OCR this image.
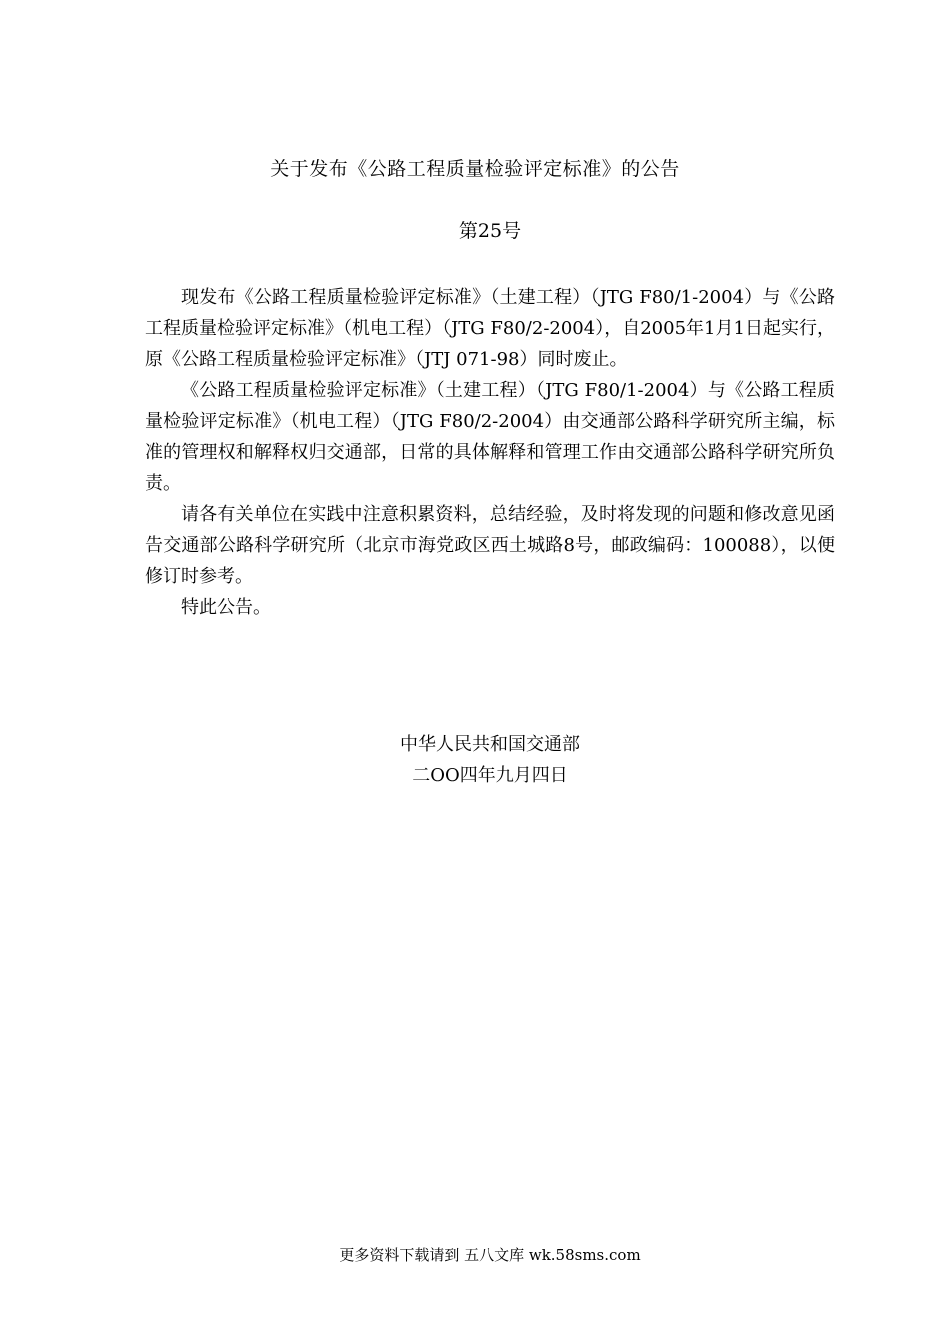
关于发布《公路工程质量检验评定标准》的公告
第25号

现发布《公路工程质量检验评定标准》（土建工程）（JTG F80/1-2004）与《公路工程质量检验评定标准》（机电工程）（JTG F80/2-2004），自2005年1月1日起实行，原《公路工程质量检验评定标准》（JTJ 071-98）同时废止。

《公路工程质量检验评定标准》（土建工程）（JTG F80/1-2004）与《公路工程质量检验评定标准》（机电工程）（JTG F80/2-2004）由交通部公路科学研究所主编，标准的管理权和解释权归交通部，日常的具体解释和管理工作由交通部公路科学研究所负责。

请各有关单位在实践中注意积累资料，总结经验，及时将发现的问题和修改意见函告交通部公路科学研究所（北京市海党政区西土城路8号，邮政编码：100088），以便修订时参考。

特此公告。

中华人民共和国交通部
二OO四年九月四日
更多资料下载请到 五八文库 wk.58sms.com
